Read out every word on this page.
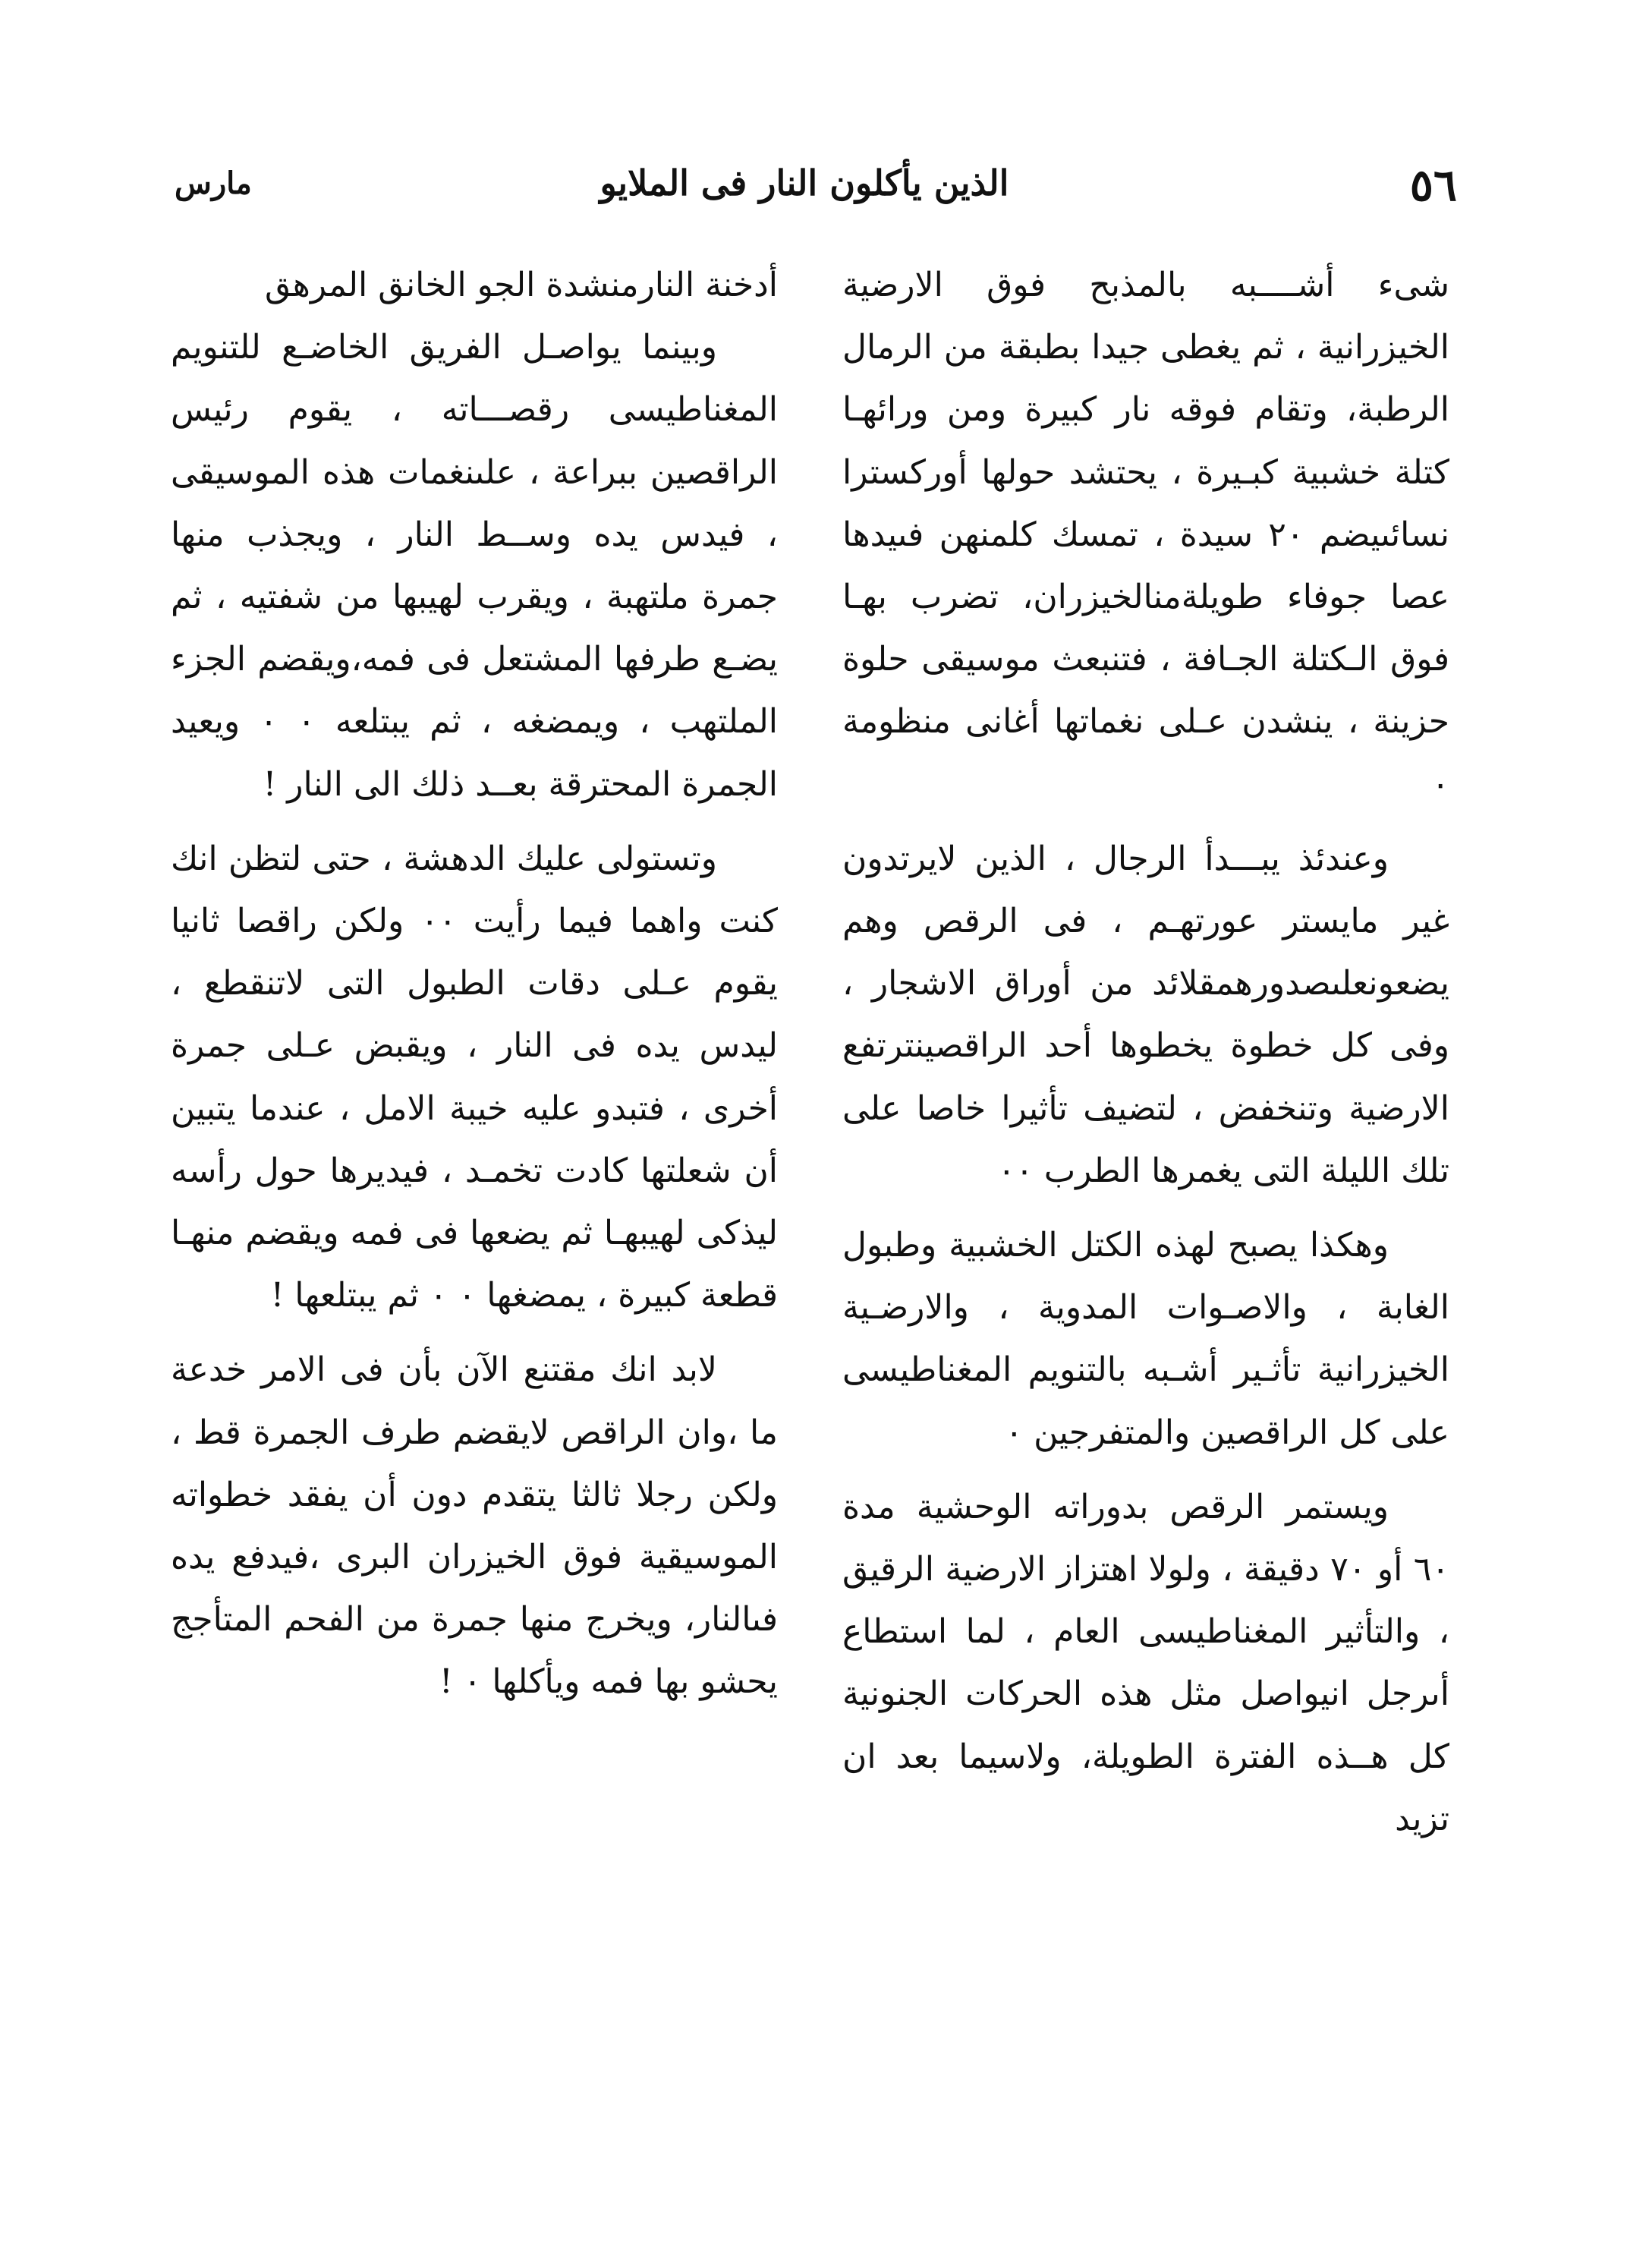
٥٦
الذين يأكلون النار فى الملايو
مارس

شىء أشــــبه بالمذبح فوق الارضية الخيزرانية ، ثم يغطى جيدا بطبقة من الرمال الرطبة، وتقام فوقه نار كبيرة ومن ورائهـا كتلة خشبية كبـيرة ، يحتشد حولها أوركسترا نسائىيضم ٢٠ سيدة ، تمسك كلمنهن فىيدها عصا جوفاء طويلةمنالخيزران، تضرب بهـا فوق الـكتلة الجـافة ، فتنبعث موسيقى حلوة حزينة ، ينشدن عـلى نغماتها أغانى منظومة ٠

وعندئذ يبـــدأ الرجال ، الذين لايرتدون غير مايستر عورتهـم ، فى الرقص وهم يضعونعلىصدورهمقلائد من أوراق الاشجار ، وفى كل خطوة يخطوها أحد الراقصينترتفع الارضية وتنخفض ، لتضيف تأثيرا خاصا على تلك الليلة التى يغمرها الطرب ٠٠

وهكذا يصبح لهذه الكتل الخشبية وطبول الغابة ، والاصـوات المدوية ، والارضـية الخيزرانية تأثـير أشـبه بالتنويم المغناطيسى على كل الراقصين والمتفرجين ٠

ويستمر الرقص بدوراته الوحشية مدة ٦٠ أو ٧٠ دقيقة ، ولولا اهتزاز الارضية الرقيق ، والتأثير المغناطيسى العام ، لما استطاع أىرجل انيواصل مثل هذه الحركات الجنونية كل هــذه الفترة الطويلة، ولاسيما بعد ان تزيد

أدخنة النارمنشدة الجو الخانق المرهق

وبينما يواصـل الفريق الخاضـع للتنويم المغناطيسى رقصـــاته ، يقوم رئيس الراقصين ببراعة ، علىنغمات هذه الموسيقى ، فيدس يده وســط النار ، ويجذب منها جمرة ملتهبة ، ويقرب لهيبها من شفتيه ، ثم يضـع طرفها المشتعل فى فمه،ويقضم الجزء الملتهب ، ويمضغه ، ثم يبتلعه ٠ ٠ ويعيد الجمرة المحترقة بعــد ذلك الى النار !

وتستولى عليك الدهشة ، حتى لتظن انك كنت واهما فيما رأيت ٠٠ ولكن راقصا ثانيا يقوم عـلى دقات الطبول التى لاتنقطع ، ليدس يده فى النار ، ويقبض عـلى جمرة أخرى ، فتبدو عليه خيبة الامل ، عندما يتبين أن شعلتها كادت تخمـد ، فيديرها حول رأسه ليذكى لهيبهـا ثم يضعها فى فمه ويقضم منهـا قطعة كبيرة ، يمضغها ٠ ٠ ثم يبتلعها !

لابد انك مقتنع الآن بأن فى الامر خدعة ما ،وان الراقص لايقضم طرف الجمرة قط ، ولكن رجلا ثالثا يتقدم دون أن يفقد خطواته الموسيقية فوق الخيزران البرى ،فيدفع يده فىالنار، ويخرج منها جمرة من الفحم المتأجج يحشو بها فمه ويأكلها ٠ !
